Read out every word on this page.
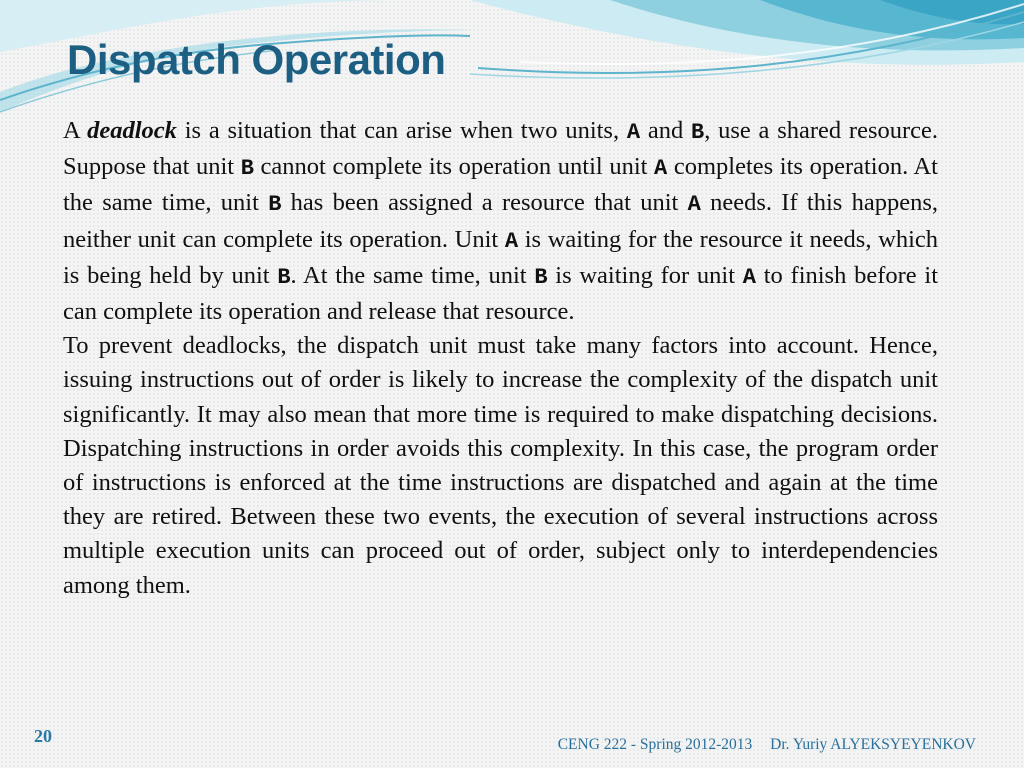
Dispatch Operation

A deadlock is a situation that can arise when two units, A and B, use a shared resource. Suppose that unit B cannot complete its operation until unit A completes its operation. At the same time, unit B has been assigned a resource that unit A needs. If this happens, neither unit can complete its operation. Unit A is waiting for the resource it needs, which is being held by unit B. At the same time, unit B is waiting for unit A to finish before it can complete its operation and release that resource.

To prevent deadlocks, the dispatch unit must take many factors into account. Hence, issuing instructions out of order is likely to increase the complexity of the dispatch unit significantly. It may also mean that more time is required to make dispatching decisions. Dispatching instructions in order avoids this complexity. In this case, the program order of instructions is enforced at the time instructions are dispatched and again at the time they are retired. Between these two events, the execution of several instructions across multiple execution units can proceed out of order, subject only to interdependencies among them.

20	CENG 222 - Spring 2012-2013 Dr. Yuriy ALYEKSYEYENKOV
